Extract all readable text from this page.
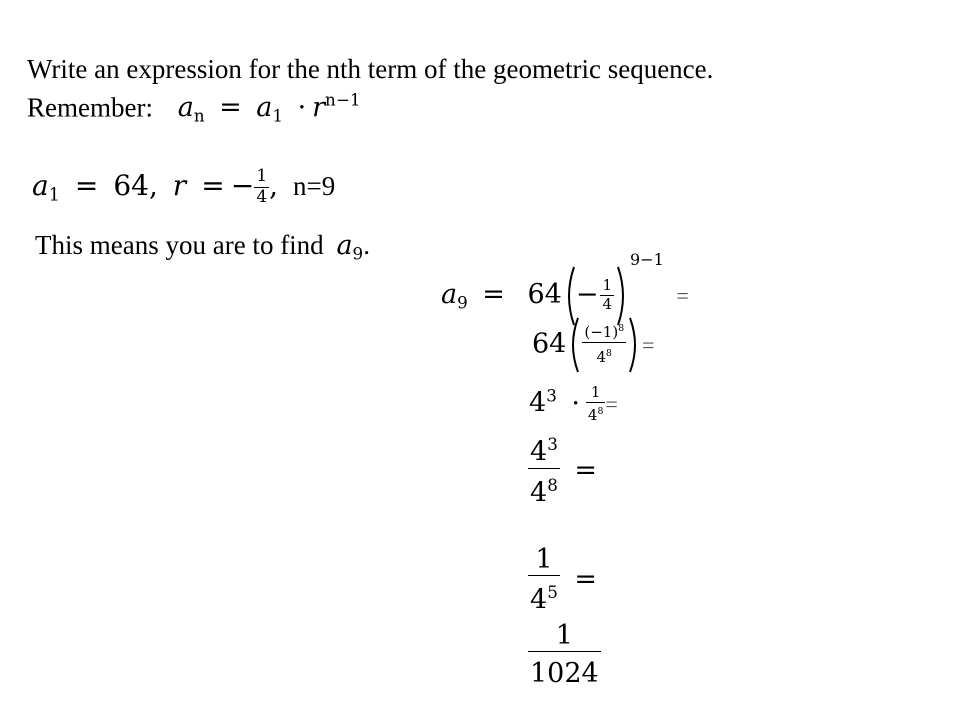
Write an expression for the nth term of the geometric sequence.
Remember: $a_n = a_1 \cdot r^{n-1}$
$a_1 = 64$, r = − $\frac{1}{4}$ , n=9
This means you are to find $a_9$.
$a_9 = 64 - \frac{1}{4}$
$^{9-1}$ =
$64 \frac{(-1)^8}{4^8}$ =
$4^3 \cdot \frac{1}{4^8}$ =
$\frac{4^3}{4^8}$ =
$\frac{1}{4^5}$ =
$\frac{1}{1024}$
